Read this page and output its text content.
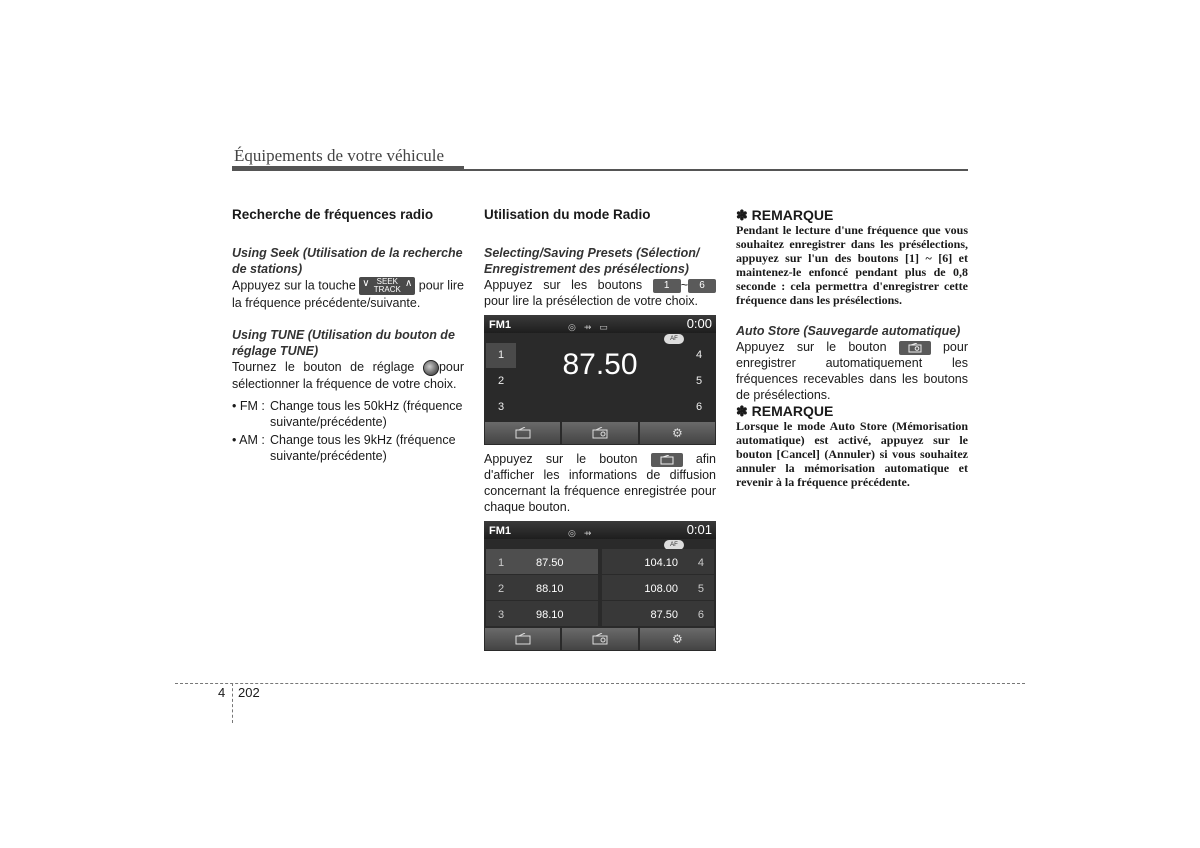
Équipements de votre véhicule
Recherche de fréquences radio

Using Seek (Utilisation de la recherche de stations)

Appuyez sur la touche ∨ SEEK
TRACK
∧ pour lire la fréquence précédente/suivante.

Using TUNE (Utilisation du bouton de réglage TUNE)

Tournez le bouton de réglage pour sélectionner la fréquence de votre choix.

• FM : Change tous les 50kHz (fréquence suivante/précédente)
• AM : Change tous les 9kHz (fréquence suivante/précédente)
Utilisation du mode Radio

Selecting/Saving Presets (Sélection/ Enregistrement des présélections)

Appuyez sur les boutons 1 ~ 6 pour lire la présélection de votre choix.

FM1	◎⇸▭	0:00
AF
1
2
3
4
5
6
87.50
⚙

Appuyez sur le bouton	afin d'afficher les informations de diffusion concernant la fréquence enregistrée pour chaque bouton.

FM1	◎⇸	0:01
AF
1	87.50	104.10 4
2	88.10	108.00 5
3	98.10	87.50 6
⚙

✽ REMARQUE

Pendant le lecture d'une fréquence que vous souhaitez enregistrer dans les présélections, appuyez sur l'un des boutons [1] ~ [6] et maintenez-le enfoncé pendant plus de 0,8 seconde : cela permettra d'enregistrer cette fréquence dans les présélections.

Auto Store (Sauvegarde automatique)

Appuyez sur le bouton	pour enregistrer automatiquement les fréquences recevables dans les boutons de présélections.

✽ REMARQUE

Lorsque le mode Auto Store (Mémorisation automatique) est activé, appuyez sur le bouton [Cancel] (Annuler) si vous souhaitez annuler la mémorisation automatique et revenir à la fréquence précédente.

4 202
